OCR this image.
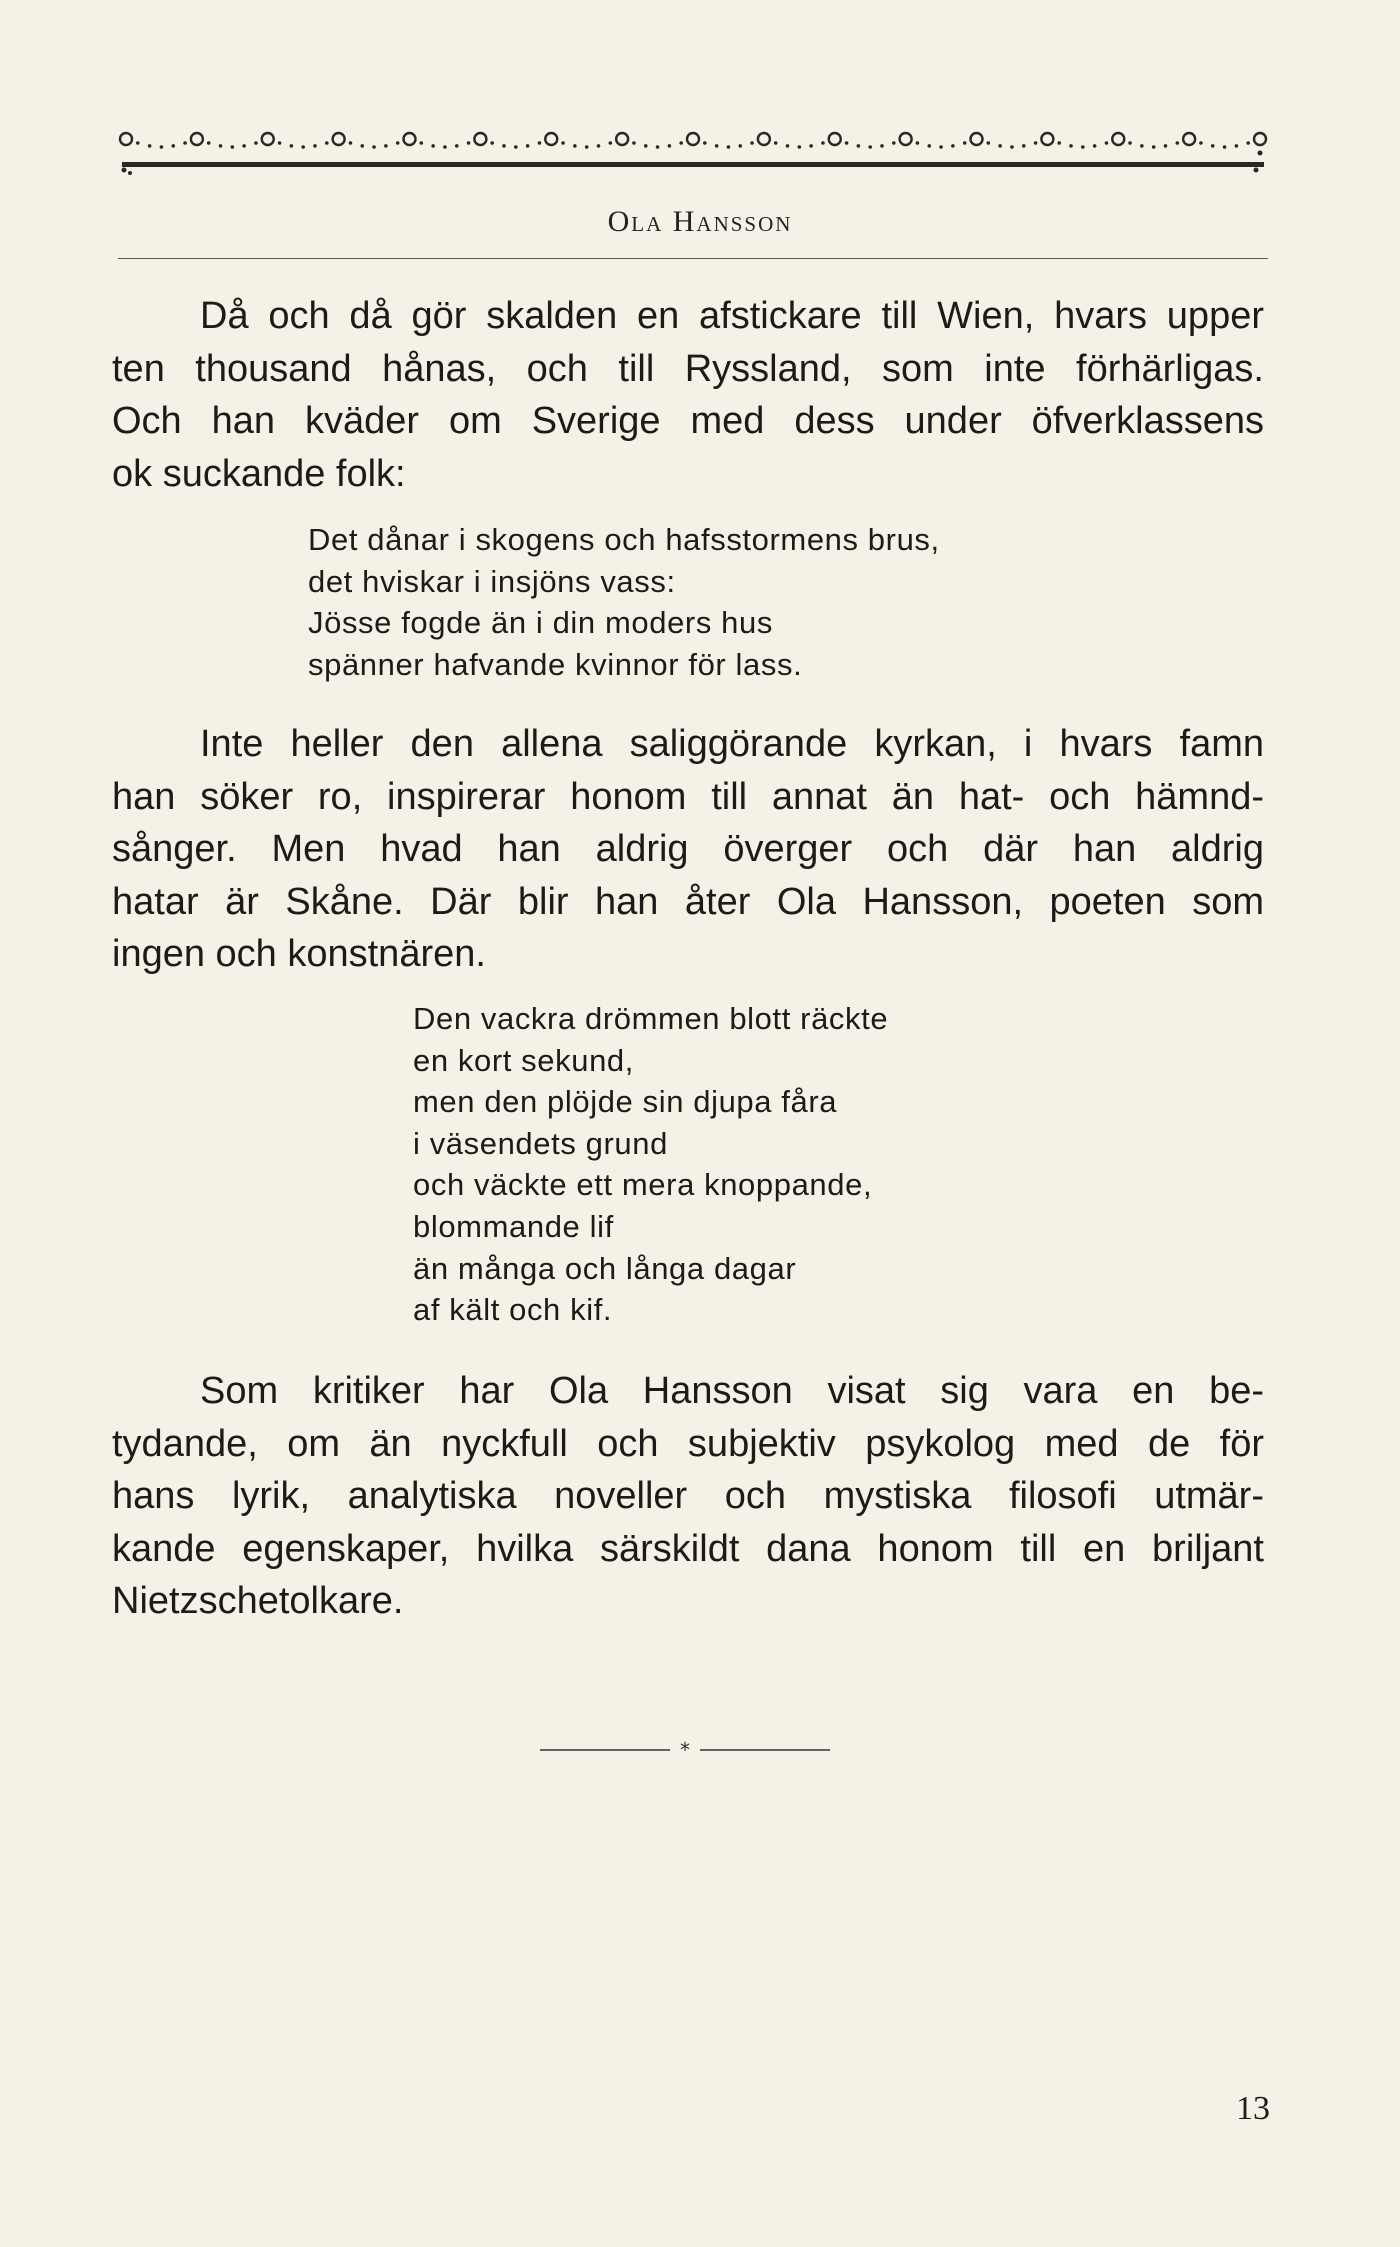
Ola Hansson

Då och då gör skalden en afstickare till Wien, hvars upper
ten thousand hånas, och till Ryssland, som inte förhärligas.
Och han kväder om Sverige med dess under öfverklassens
ok suckande folk:

Det dånar i skogens och hafsstormens brus,
det hviskar i insjöns vass:
Jösse fogde än i din moders hus
spänner hafvande kvinnor för lass.

Inte heller den allena saliggörande kyrkan, i hvars famn
han söker ro, inspirerar honom till annat än hat- och hämnd-
sånger. Men hvad han aldrig överger och där han aldrig
hatar är Skåne. Där blir han åter Ola Hansson, poeten som
ingen och konstnären.

Den vackra drömmen blott räckte
en kort sekund,
men den plöjde sin djupa fåra
i väsendets grund
och väckte ett mera knoppande,
blommande lif
än många och långa dagar
af kält och kif.

Som kritiker har Ola Hansson visat sig vara en be-
tydande, om än nyckfull och subjektiv psykolog med de för
hans lyrik, analytiska noveller och mystiska filosofi utmär-
kande egenskaper, hvilka särskildt dana honom till en briljant
Nietzschetolkare.

*
13
